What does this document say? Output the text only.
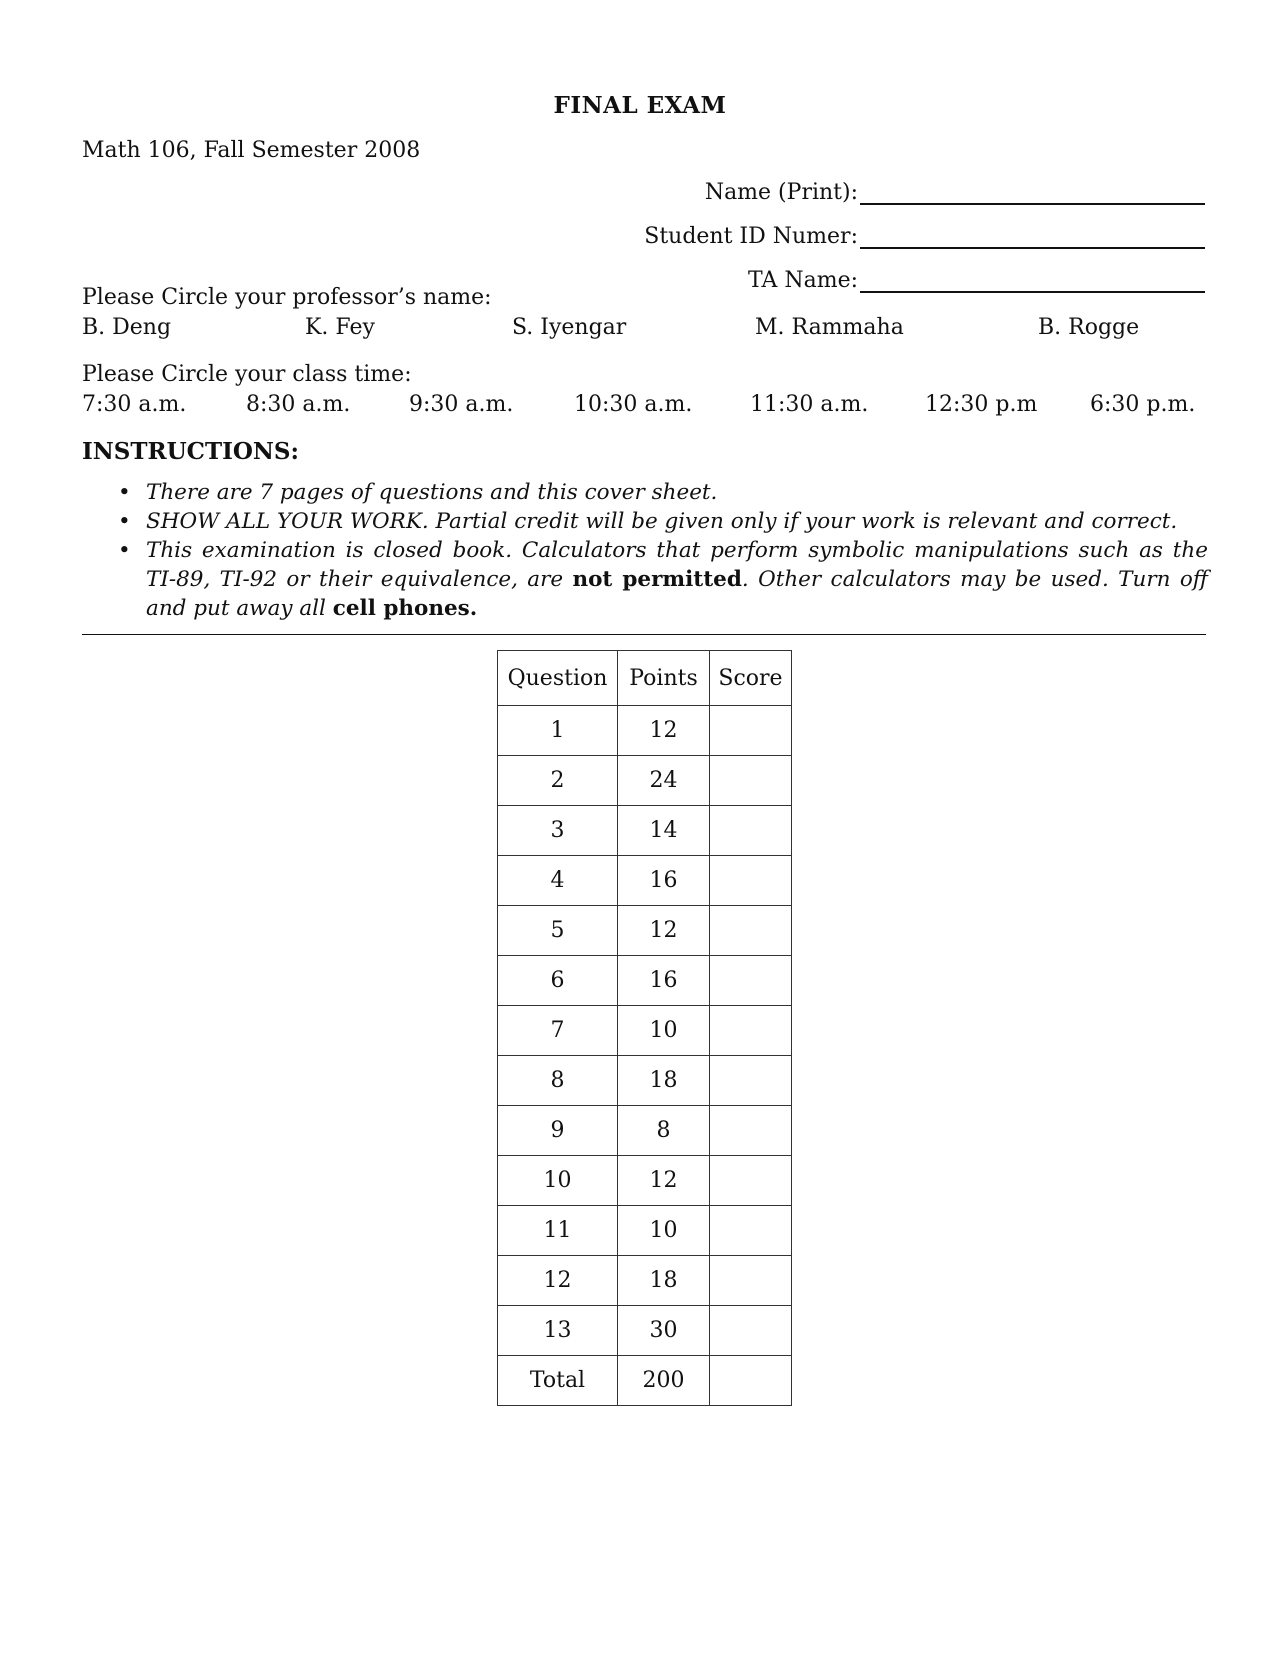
FINAL EXAM
Math 106, Fall Semester 2008
Name (Print):
Student ID Numer:
TA Name:
Please Circle your professor’s name:
B. Deng	K. Fey	S. Iyengar	M. Rammaha	B. Rogge
Please Circle your class time:
7:30 a.m.	8:30 a.m.	9:30 a.m.	10:30 a.m.	11:30 a.m.	12:30 p.m 6:30 p.m.
INSTRUCTIONS:
• There are 7 pages of questions and this cover sheet.
• SHOW ALL YOUR WORK. Partial credit will be given only if your work is relevant and correct.
• This examination is closed book. Calculators that perform symbolic manipulations such as the TI-89, TI-92 or their equivalence, are not permitted. Other calculators may be used. Turn off and put away all cell phones.
Question	Points	Score
1	12	
2	24	
3	14	
4	16	
5	12	
6	16	
7	10	
8	18	
9	8	
10	12	
11	10	
12	18	
13	30	
Total	200	
